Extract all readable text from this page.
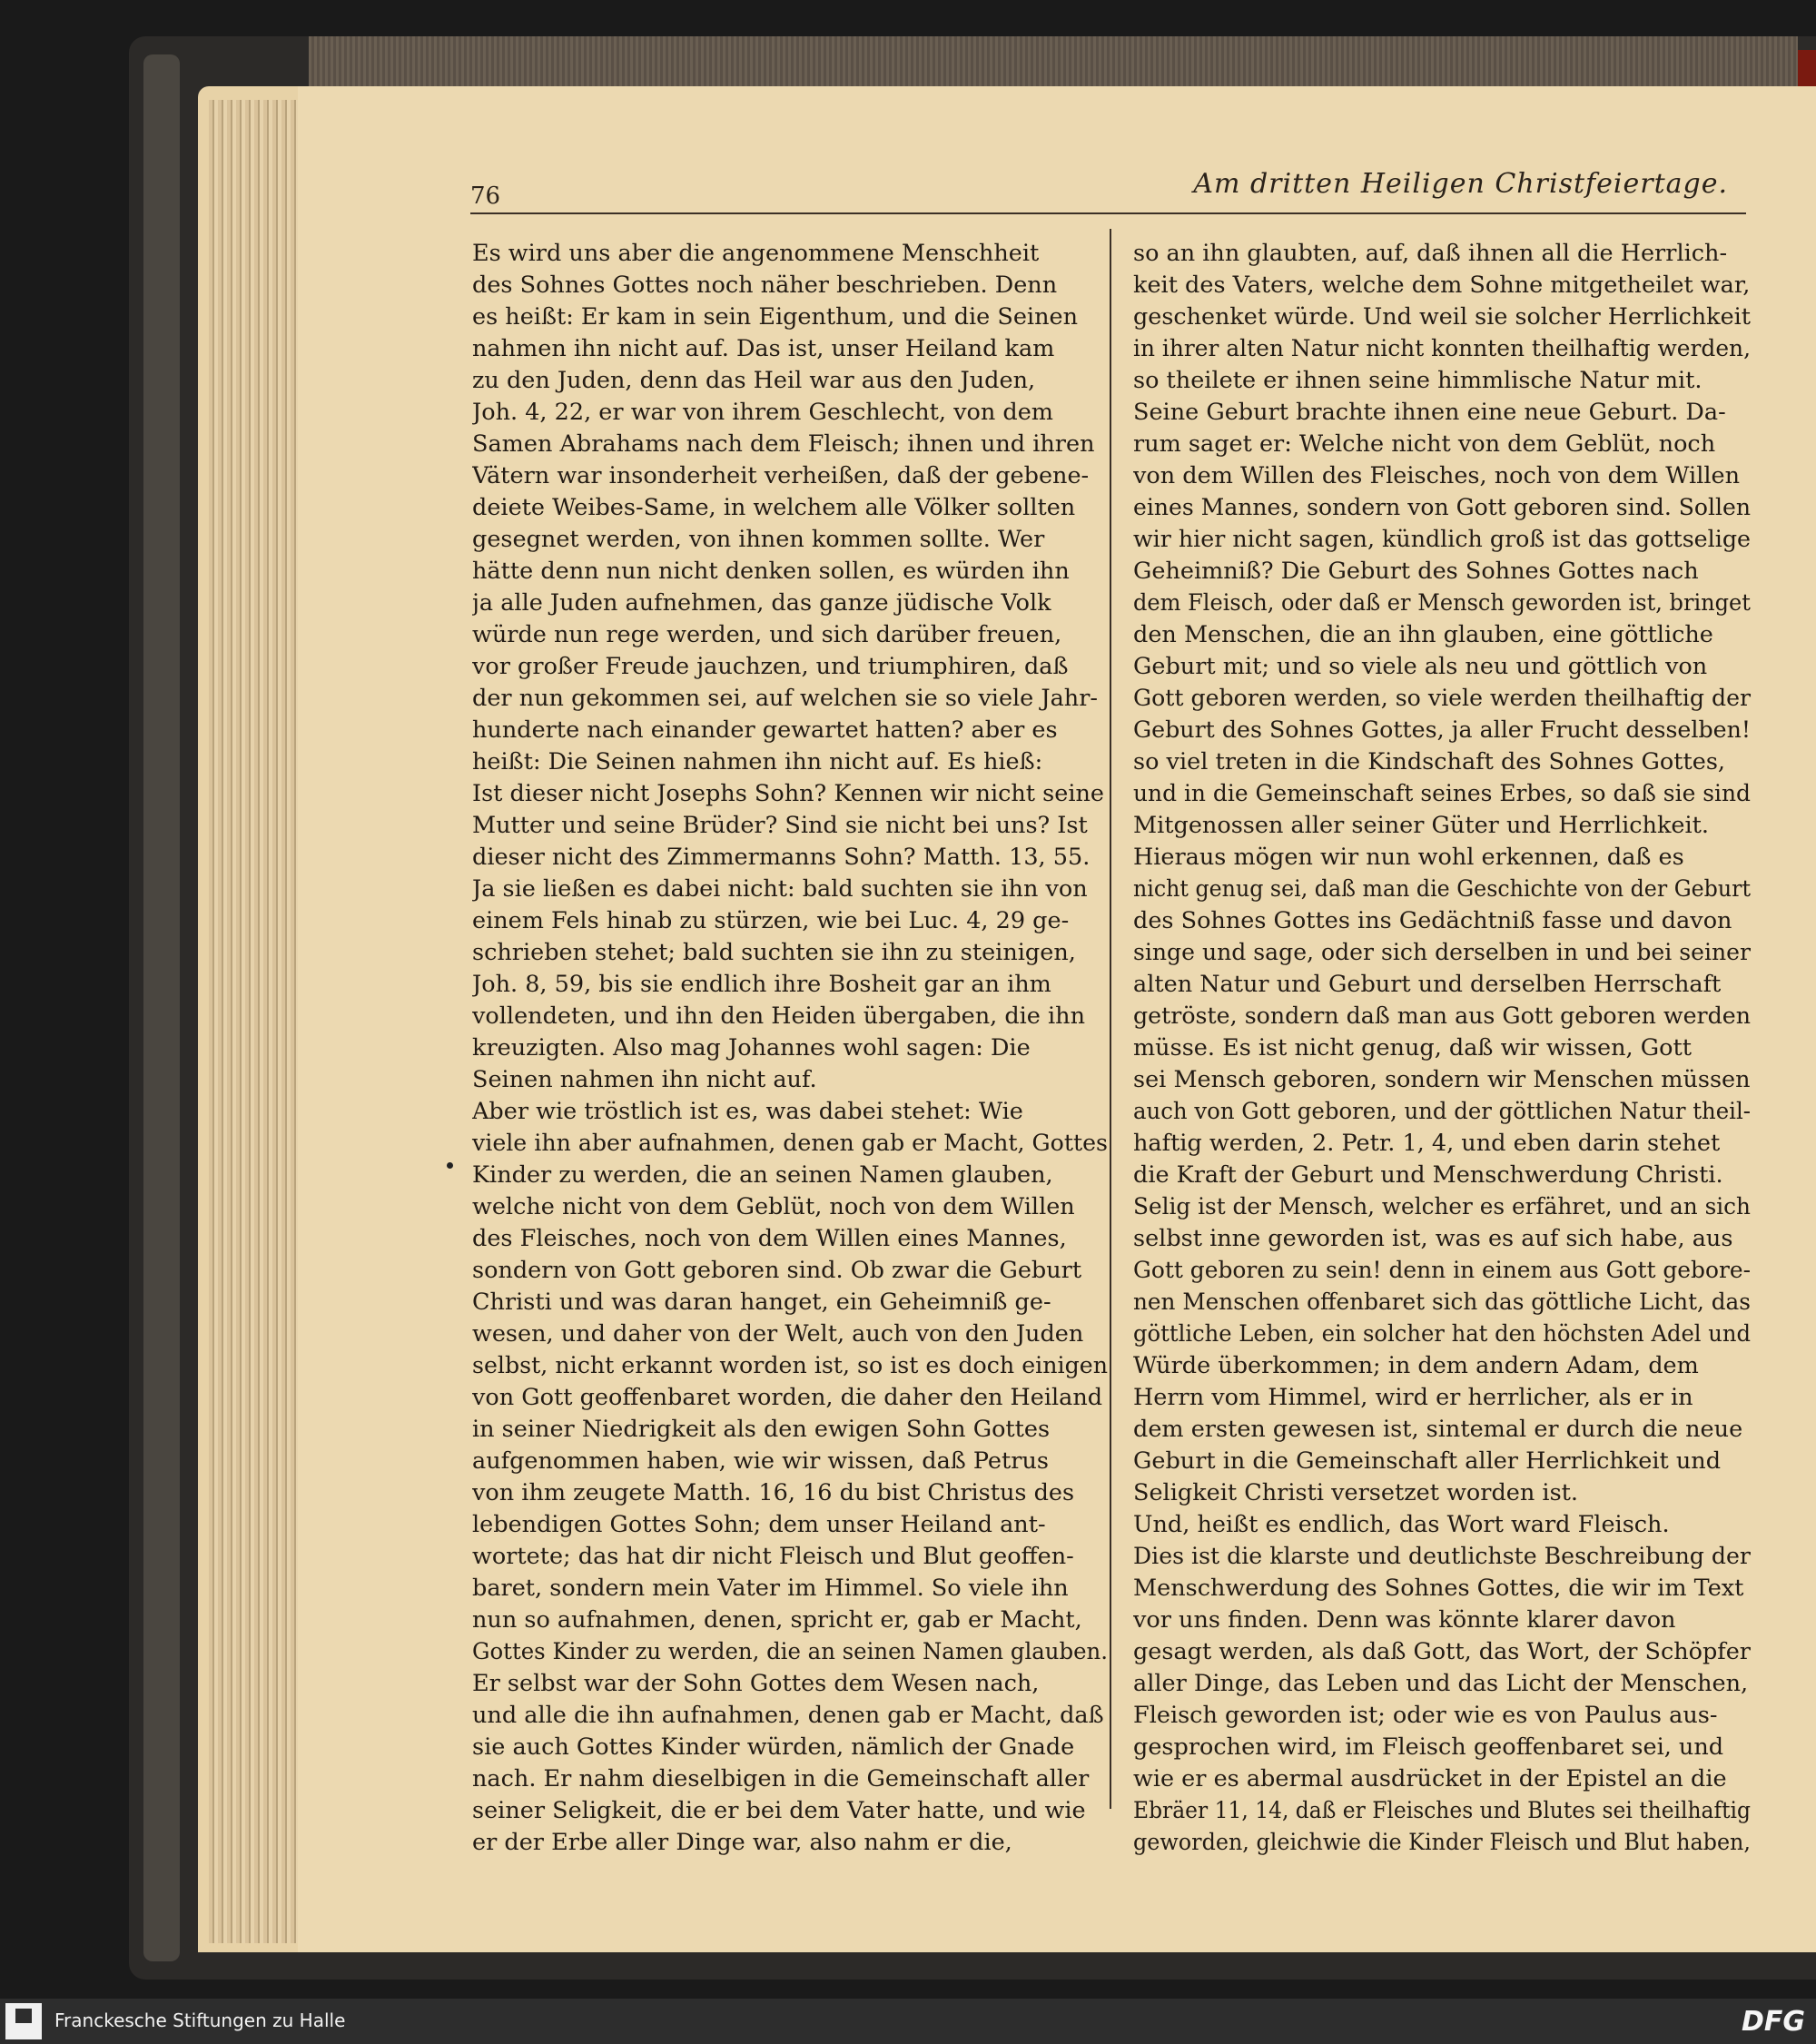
76	Am dritten Heiligen Christfeiertage.
Es wird uns aber die angenommene Menschheit
des Sohnes Gottes noch näher beschrieben. Denn
es heißt: Er kam in sein Eigenthum, und die Seinen
nahmen ihn nicht auf. Das ist, unser Heiland kam
zu den Juden, denn das Heil war aus den Juden,
Joh. 4, 22, er war von ihrem Geschlecht, von dem
Samen Abrahams nach dem Fleisch; ihnen und ihren
Vätern war insonderheit verheißen, daß der gebene-
deiete Weibes-Same, in welchem alle Völker sollten
gesegnet werden, von ihnen kommen sollte. Wer
hätte denn nun nicht denken sollen, es würden ihn
ja alle Juden aufnehmen, das ganze jüdische Volk
würde nun rege werden, und sich darüber freuen,
vor großer Freude jauchzen, und triumphiren, daß
der nun gekommen sei, auf welchen sie so viele Jahr-
hunderte nach einander gewartet hatten? aber es
heißt: Die Seinen nahmen ihn nicht auf. Es hieß:
Ist dieser nicht Josephs Sohn? Kennen wir nicht seine
Mutter und seine Brüder? Sind sie nicht bei uns? Ist
dieser nicht des Zimmermanns Sohn? Matth. 13, 55.
Ja sie ließen es dabei nicht: bald suchten sie ihn von
einem Fels hinab zu stürzen, wie bei Luc. 4, 29 ge-
schrieben stehet; bald suchten sie ihn zu steinigen,
Joh. 8, 59, bis sie endlich ihre Bosheit gar an ihm
vollendeten, und ihn den Heiden übergaben, die ihn
kreuzigten. Also mag Johannes wohl sagen: Die
Seinen nahmen ihn nicht auf.
Aber wie tröstlich ist es, was dabei stehet: Wie
viele ihn aber aufnahmen, denen gab er Macht, Gottes
Kinder zu werden, die an seinen Namen glauben,
welche nicht von dem Geblüt, noch von dem Willen
des Fleisches, noch von dem Willen eines Mannes,
sondern von Gott geboren sind. Ob zwar die Geburt
Christi und was daran hanget, ein Geheimniß ge-
wesen, und daher von der Welt, auch von den Juden
selbst, nicht erkannt worden ist, so ist es doch einigen
von Gott geoffenbaret worden, die daher den Heiland
in seiner Niedrigkeit als den ewigen Sohn Gottes
aufgenommen haben, wie wir wissen, daß Petrus
von ihm zeugete Matth. 16, 16 du bist Christus des
lebendigen Gottes Sohn; dem unser Heiland ant-
wortete; das hat dir nicht Fleisch und Blut geoffen-
baret, sondern mein Vater im Himmel. So viele ihn
nun so aufnahmen, denen, spricht er, gab er Macht,
Gottes Kinder zu werden, die an seinen Namen glauben.
Er selbst war der Sohn Gottes dem Wesen nach,
und alle die ihn aufnahmen, denen gab er Macht, daß
sie auch Gottes Kinder würden, nämlich der Gnade
nach. Er nahm dieselbigen in die Gemeinschaft aller
seiner Seligkeit, die er bei dem Vater hatte, und wie
er der Erbe aller Dinge war, also nahm er die,
so an ihn glaubten, auf, daß ihnen all die Herrlich-
keit des Vaters, welche dem Sohne mitgetheilet war,
geschenket würde. Und weil sie solcher Herrlichkeit
in ihrer alten Natur nicht konnten theilhaftig werden,
so theilete er ihnen seine himmlische Natur mit.
Seine Geburt brachte ihnen eine neue Geburt. Da-
rum saget er: Welche nicht von dem Geblüt, noch
von dem Willen des Fleisches, noch von dem Willen
eines Mannes, sondern von Gott geboren sind. Sollen
wir hier nicht sagen, kündlich groß ist das gottselige
Geheimniß? Die Geburt des Sohnes Gottes nach
dem Fleisch, oder daß er Mensch geworden ist, bringet
den Menschen, die an ihn glauben, eine göttliche
Geburt mit; und so viele als neu und göttlich von
Gott geboren werden, so viele werden theilhaftig der
Geburt des Sohnes Gottes, ja aller Frucht desselben!
so viel treten in die Kindschaft des Sohnes Gottes,
und in die Gemeinschaft seines Erbes, so daß sie sind
Mitgenossen aller seiner Güter und Herrlichkeit.
Hieraus mögen wir nun wohl erkennen, daß es
nicht genug sei, daß man die Geschichte von der Geburt
des Sohnes Gottes ins Gedächtniß fasse und davon
singe und sage, oder sich derselben in und bei seiner
alten Natur und Geburt und derselben Herrschaft
getröste, sondern daß man aus Gott geboren werden
müsse. Es ist nicht genug, daß wir wissen, Gott
sei Mensch geboren, sondern wir Menschen müssen
auch von Gott geboren, und der göttlichen Natur theil-
haftig werden, 2. Petr. 1, 4, und eben darin stehet
die Kraft der Geburt und Menschwerdung Christi.
Selig ist der Mensch, welcher es erfähret, und an sich
selbst inne geworden ist, was es auf sich habe, aus
Gott geboren zu sein! denn in einem aus Gott gebore-
nen Menschen offenbaret sich das göttliche Licht, das
göttliche Leben, ein solcher hat den höchsten Adel und
Würde überkommen; in dem andern Adam, dem
Herrn vom Himmel, wird er herrlicher, als er in
dem ersten gewesen ist, sintemal er durch die neue
Geburt in die Gemeinschaft aller Herrlichkeit und
Seligkeit Christi versetzet worden ist.
Und, heißt es endlich, das Wort ward Fleisch.
Dies ist die klarste und deutlichste Beschreibung der
Menschwerdung des Sohnes Gottes, die wir im Text
vor uns finden. Denn was könnte klarer davon
gesagt werden, als daß Gott, das Wort, der Schöpfer
aller Dinge, das Leben und das Licht der Menschen,
Fleisch geworden ist; oder wie es von Paulus aus-
gesprochen wird, im Fleisch geoffenbaret sei, und
wie er es abermal ausdrücket in der Epistel an die
Ebräer 11, 14, daß er Fleisches und Blutes sei theilhaftig
geworden, gleichwie die Kinder Fleisch und Blut haben,
Franckesche Stiftungen zu Halle	DFG
